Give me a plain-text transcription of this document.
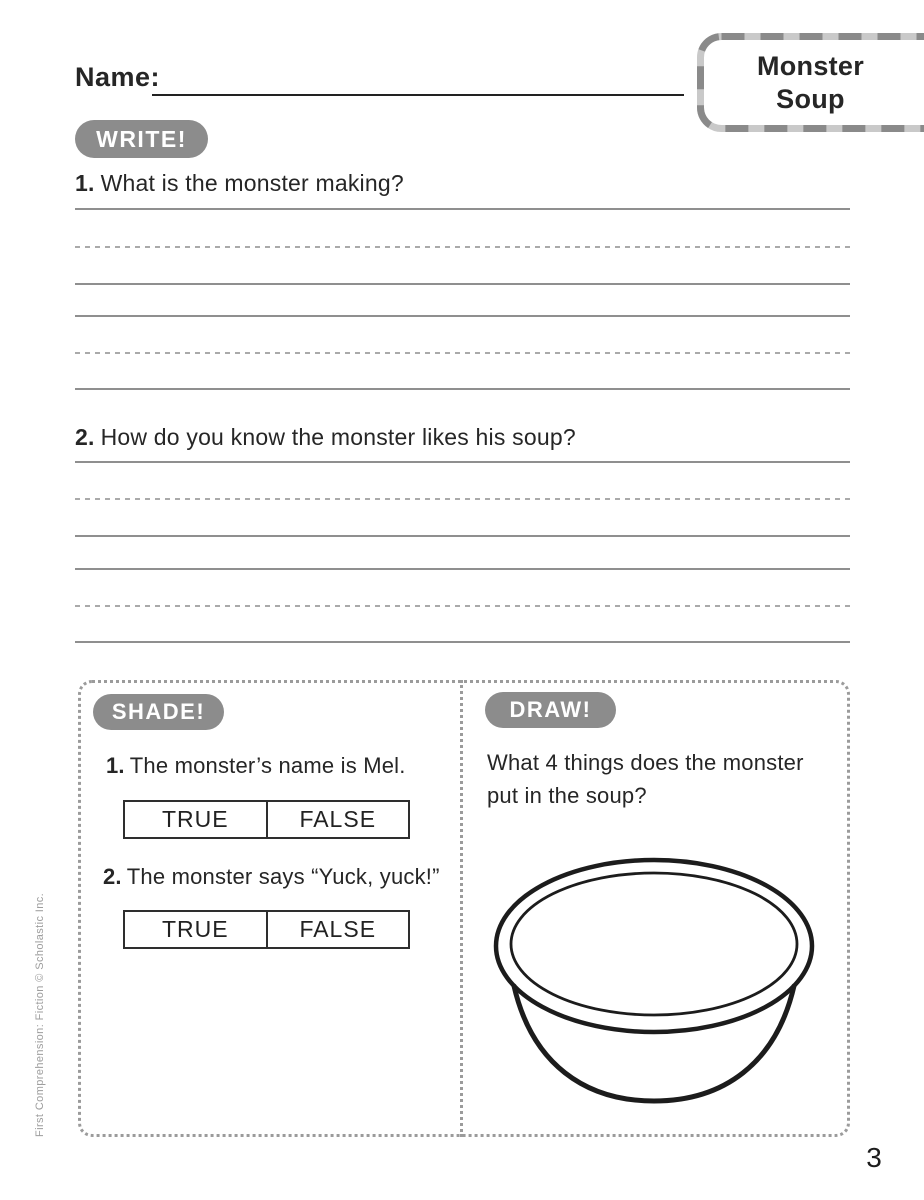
Name:	Monster
Soup
WRITE!
1. What is the monster making?
2. How do you know the monster likes his soup?
SHADE!
1. The monster’s name is Mel.
TRUE	FALSE
2. The monster says “Yuck, yuck!”
TRUE	FALSE
DRAW!
What 4 things does the monster put in the soup?
First Comprehension: Fiction © Scholastic Inc.
3
